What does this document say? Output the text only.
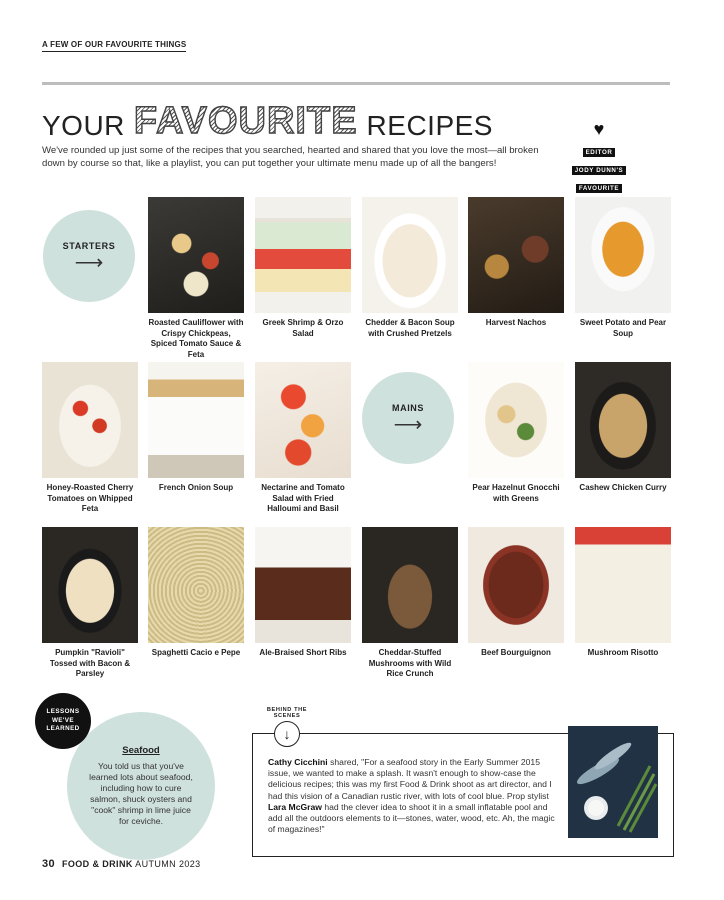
A FEW OF OUR FAVOURITE THINGS
YOUR FAVOURITE RECIPES
We've rounded up just some of the recipes that you searched, hearted and shared that you love the most—all broken down by course so that, like a playlist, you can put together your ultimate menu made up of all the bangers!
♥
EDITOR
JODY DUNN'S
FAVOURITE

STARTERS
⟶
MAINS
⟶
Roasted Cauliflower with Crispy Chickpeas, Spiced Tomato Sauce & Feta
Greek Shrimp & Orzo Salad
Chedder & Bacon Soup with Crushed Pretzels
Harvest Nachos	Sweet Potato and Pear Soup
Honey-Roasted Cherry Tomatoes on Whipped Feta
French Onion Soup	Nectarine and Tomato Salad with Fried Halloumi and Basil
Pear Hazelnut Gnocchi with Greens
Cashew Chicken Curry
Pumpkin "Ravioli" Tossed with Bacon & Parsley
Spaghetti Cacio e Pepe	Ale-Braised Short Ribs	Cheddar-Stuffed Mushrooms with Wild Rice Crunch
Beef Bourguignon	Mushroom Risotto
Seafood
You told us that you've learned lots about seafood, including how to cure salmon, shuck oysters and "cook" shrimp in lime juice for ceviche.
LESSONS
WE'VE
LEARNED
BEHIND THE SCENES
↓
Cathy Cicchini shared, "For a seafood story in the Early Summer 2015 issue, we wanted to make a splash. It wasn't enough to show-case the delicious recipes; this was my first Food & Drink shoot as art director, and I had this vision of a Canadian rustic river, with lots of cool blue. Prop stylist Lara McGraw had the clever idea to shoot it in a small inflatable pool and add all the outdoors elements to it—stones, water, wood, etc. Ah, the magic of magazines!"
30 FOOD & DRINK AUTUMN 2023
